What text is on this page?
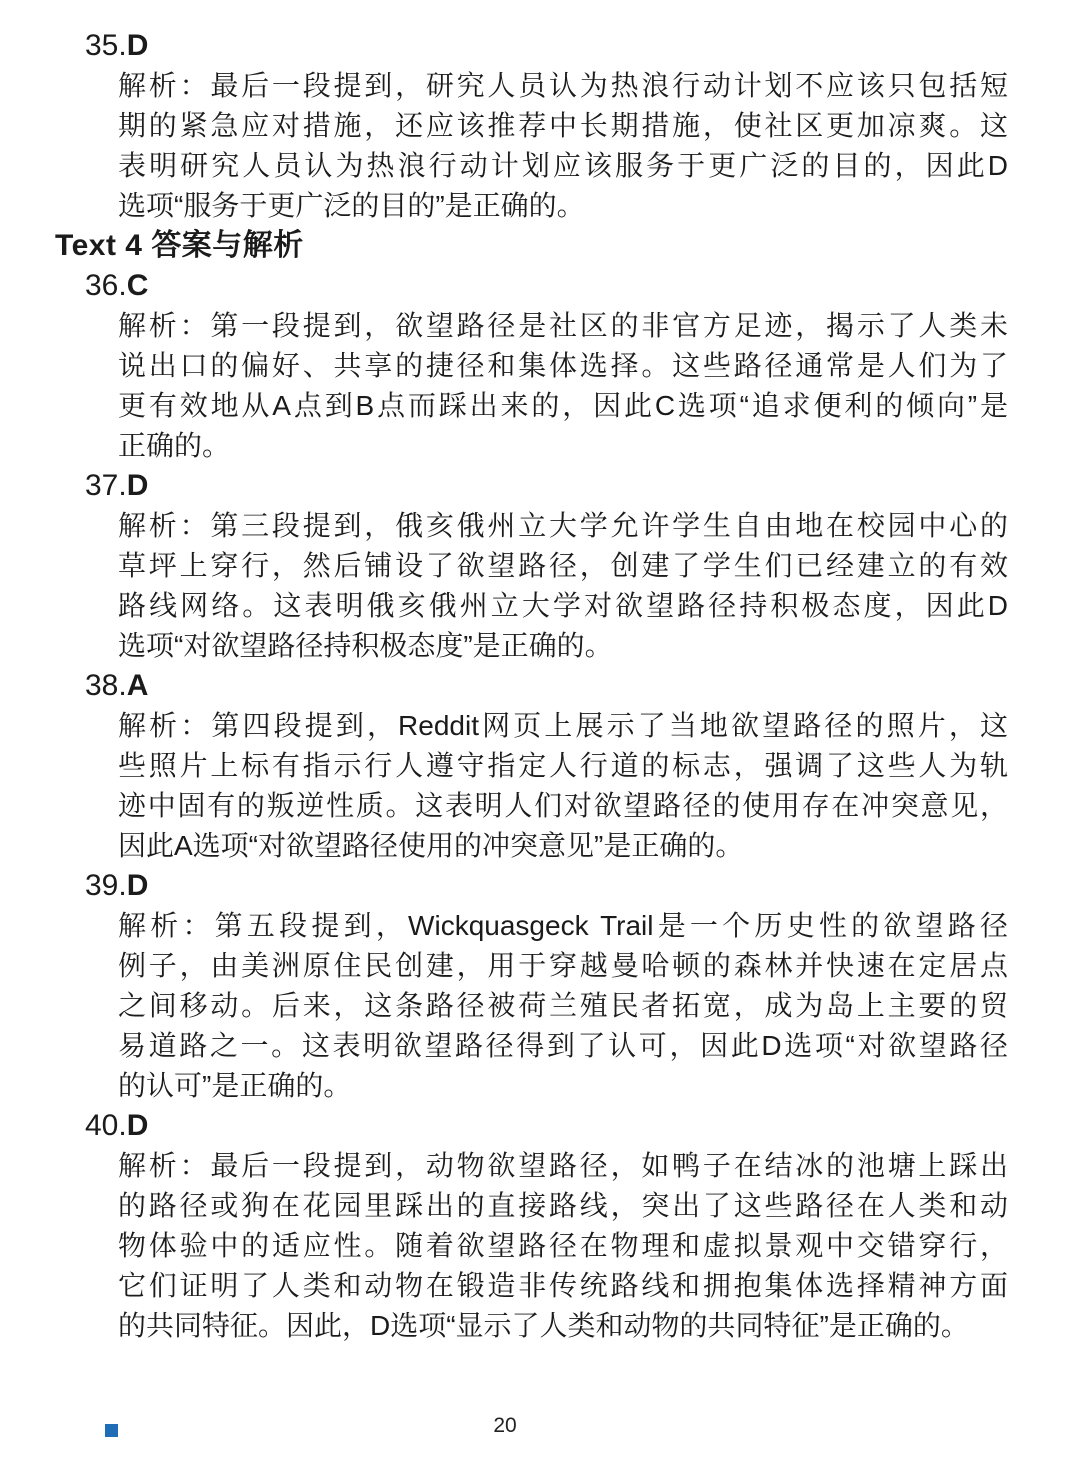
35.D
解析：最后一段提到，研究人员认为热浪行动计划不应该只包括短
期的紧急应对措施，还应该推荐中长期措施，使社区更加凉爽。这
表明研究人员认为热浪行动计划应该服务于更广泛的目的，因此D
选项“服务于更广泛的目的”是正确的。
Text 4 答案与解析
36.C
解析：第一段提到，欲望路径是社区的非官方足迹，揭示了人类未
说出口的偏好、共享的捷径和集体选择。这些路径通常是人们为了
更有效地从A点到B点而踩出来的，因此C选项“追求便利的倾向”是
正确的。
37.D
解析：第三段提到，俄亥俄州立大学允许学生自由地在校园中心的
草坪上穿行，然后铺设了欲望路径，创建了学生们已经建立的有效
路线网络。这表明俄亥俄州立大学对欲望路径持积极态度，因此D
选项“对欲望路径持积极态度”是正确的。
38.A
解析：第四段提到，Reddit网页上展示了当地欲望路径的照片，这
些照片上标有指示行人遵守指定人行道的标志，强调了这些人为轨
迹中固有的叛逆性质。这表明人们对欲望路径的使用存在冲突意见，
因此A选项“对欲望路径使用的冲突意见”是正确的。
39.D
解析：第五段提到，Wickquasgeck Trail是一个历史性的欲望路径
例子，由美洲原住民创建，用于穿越曼哈顿的森林并快速在定居点
之间移动。后来，这条路径被荷兰殖民者拓宽，成为岛上主要的贸
易道路之一。这表明欲望路径得到了认可，因此D选项“对欲望路径
的认可”是正确的。
40.D
解析：最后一段提到，动物欲望路径，如鸭子在结冰的池塘上踩出
的路径或狗在花园里踩出的直接路线，突出了这些路径在人类和动
物体验中的适应性。随着欲望路径在物理和虚拟景观中交错穿行，
它们证明了人类和动物在锻造非传统路线和拥抱集体选择精神方面
的共同特征。因此，D选项“显示了人类和动物的共同特征”是正确的。
20
